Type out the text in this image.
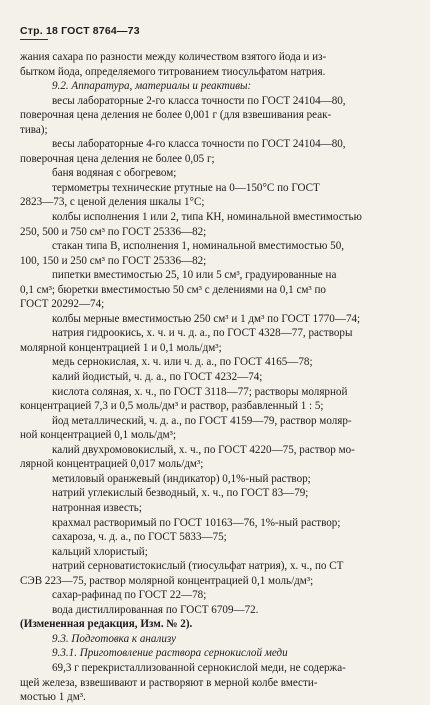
Стр. 18 ГОСТ 8764—73
жания сахара по разности между количеством взятого йода и из-
бытком йода, определяемого титрованием тиосульфатом натрия.
9.2. Аппаратура, материалы и реактивы:
весы лабораторные 2-го класса точности по ГОСТ 24104—80,
поверочная цена деления не более 0,001 г (для взвешивания реак-
тива);
весы лабораторные 4-го класса точности по ГОСТ 24104—80,
поверочная цена деления не более 0,05 г;
баня водяная с обогревом;
термометры технические ртутные на 0—150°С по ГОСТ
2823—73, с ценой деления шкалы 1°С;
колбы исполнения 1 или 2, типа КН, номинальной вместимостью
250, 500 и 750 см³ по ГОСТ 25336—82;
стакан типа В, исполнения 1, номинальной вместимостью 50,
100, 150 и 250 см³ по ГОСТ 25336—82;
пипетки вместимостью 25, 10 или 5 см³, градуированные на
0,1 см³; бюретки вместимостью 50 см³ с делениями на 0,1 см³ по
ГОСТ 20292—74;
колбы мерные вместимостью 250 см³ и 1 дм³ по ГОСТ 1770—74;
натрия гидроокись, х. ч. и ч. д. а., по ГОСТ 4328—77, растворы
молярной концентрацией 1 и 0,1 моль/дм³;
медь сернокислая, х. ч. или ч. д. а., по ГОСТ 4165—78;
калий йодистый, ч. д. а., по ГОСТ 4232—74;
кислота соляная, х. ч., по ГОСТ 3118—77; растворы молярной
концентрацией 7,3 и 0,5 моль/дм³ и раствор, разбавленный 1 : 5;
йод металлический, ч. д. а., по ГОСТ 4159—79, раствор моляр-
ной концентрацией 0,1 моль/дм³;
калий двухромовокислый, х. ч., по ГОСТ 4220—75, раствор мо-
лярной концентрацией 0,017 моль/дм³;
метиловый оранжевый (индикатор) 0,1%-ный раствор;
натрий углекислый безводный, х. ч., по ГОСТ 83—79;
натронная известь;
крахмал растворимый по ГОСТ 10163—76, 1%-ный раствор;
сахароза, ч. д. а., по ГОСТ 5833—75;
кальций хлористый;
натрий серноватистокислый (тиосульфат натрия), х. ч., по СТ
СЭВ 223—75, раствор молярной концентрацией 0,1 моль/дм³;
сахар-рафинад по ГОСТ 22—78;
вода дистиллированная по ГОСТ 6709—72.
(Измененная редакция, Изм. № 2).
9.3. Подготовка к анализу
9.3.1. Приготовление раствора сернокислой меди
69,3 г перекристаллизованной сернокислой меди, не содержа-
щей железа, взвешивают и растворяют в мерной колбе вмести-
мостью 1 дм³.
